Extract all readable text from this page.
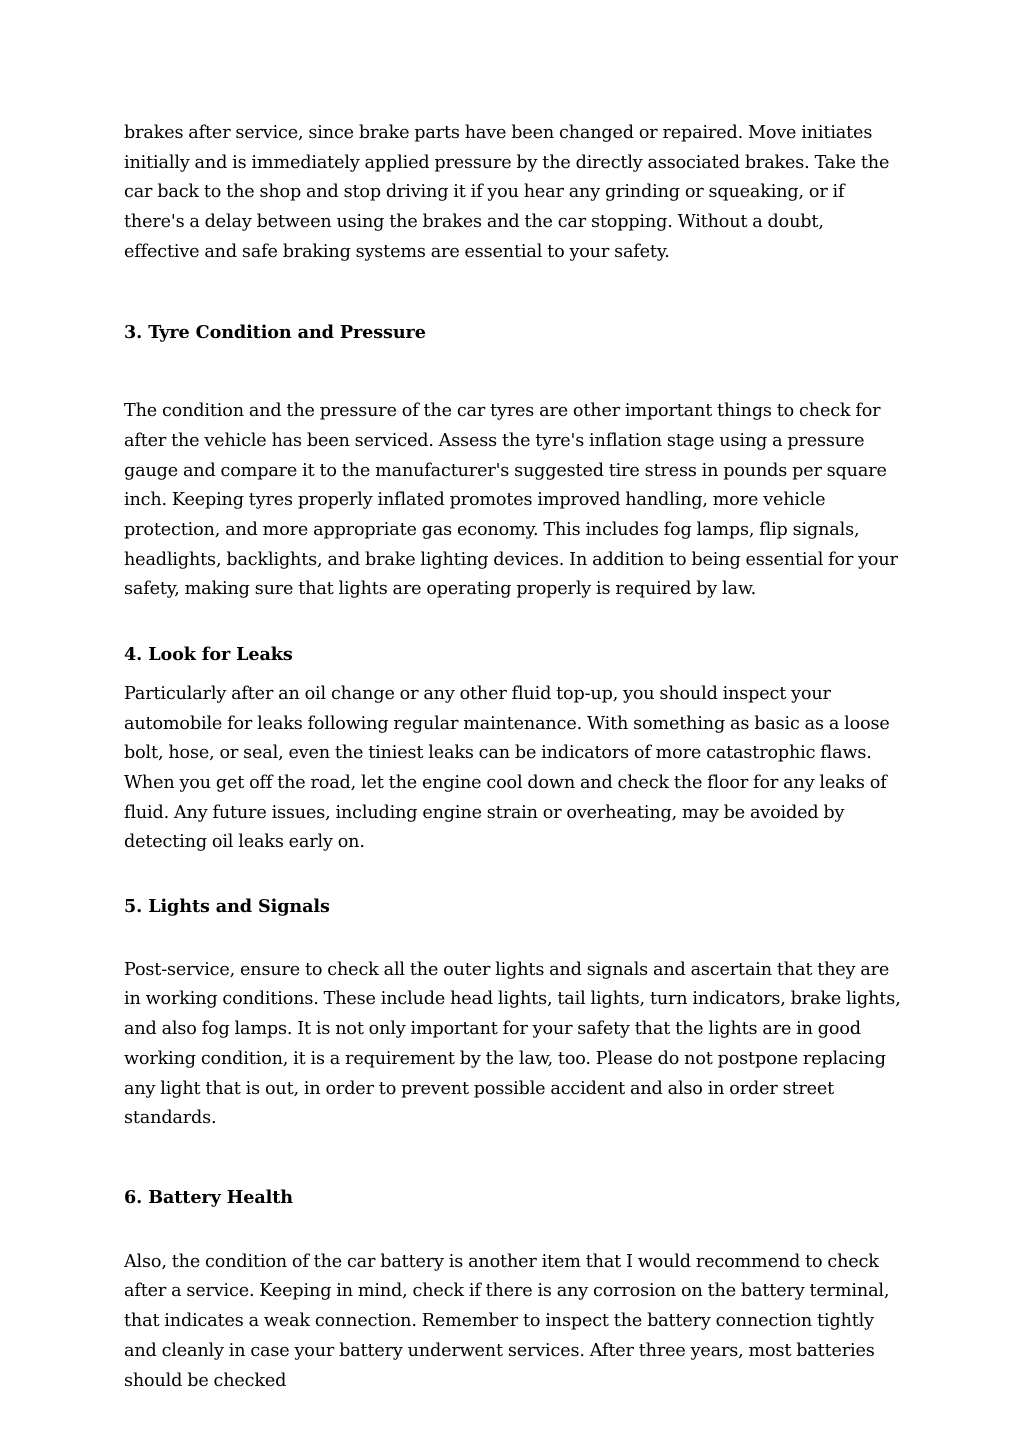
brakes after service, since brake parts have been changed or repaired. Move initiates initially and is immediately applied pressure by the directly associated brakes. Take the car back to the shop and stop driving it if you hear any grinding or squeaking, or if there's a delay between using the brakes and the car stopping. Without a doubt, effective and safe braking systems are essential to your safety.

3. Tyre Condition and Pressure

The condition and the pressure of the car tyres are other important things to check for after the vehicle has been serviced. Assess the tyre's inflation stage using a pressure gauge and compare it to the manufacturer's suggested tire stress in pounds per square inch. Keeping tyres properly inflated promotes improved handling, more vehicle protection, and more appropriate gas economy. This includes fog lamps, flip signals, headlights, backlights, and brake lighting devices. In addition to being essential for your safety, making sure that lights are operating properly is required by law.

4. Look for Leaks

Particularly after an oil change or any other fluid top-up, you should inspect your automobile for leaks following regular maintenance. With something as basic as a loose bolt, hose, or seal, even the tiniest leaks can be indicators of more catastrophic flaws. When you get off the road, let the engine cool down and check the floor for any leaks of fluid. Any future issues, including engine strain or overheating, may be avoided by detecting oil leaks early on.

5. Lights and Signals

Post-service, ensure to check all the outer lights and signals and ascertain that they are in working conditions. These include head lights, tail lights, turn indicators, brake lights, and also fog lamps. It is not only important for your safety that the lights are in good working condition, it is a requirement by the law, too. Please do not postpone replacing any light that is out, in order to prevent possible accident and also in order street standards.

6. Battery Health

Also, the condition of the car battery is another item that I would recommend to check after a service. Keeping in mind, check if there is any corrosion on the battery terminal, that indicates a weak connection. Remember to inspect the battery connection tightly and cleanly in case your battery underwent services. After three years, most batteries should be checked
